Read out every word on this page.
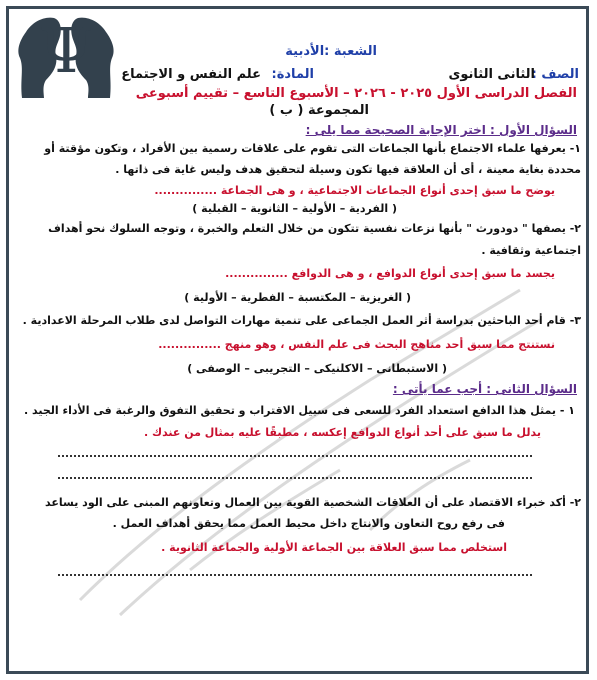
Ψ	الشعبة :الأدبية
الصف :
الثانى الثانوى
المادة:
علم النفس و الاجتماع
الفصل الدراسى الأول ٢٠٢٥ - ٢٠٢٦ – الأسبوع التاسع – تقييم أسبوعى
المجموعة ( ب )
السؤال الأول : اختر الإجابة الصحيحة مما يلى :
١- يعرفها علماء الاجتماع بأنها الجماعات التى تقوم على علاقات رسمية بين الأفراد ، وتكون مؤقتة أو
محددة بغاية معينة ، أى أن العلاقة فيها تكون وسيلة لتحقيق هدف وليس غاية فى ذاتها .
يوضح ما سبق إحدى أنواع الجماعات الاجتماعية ، و هى الجماعة ...............
( الفردية – الأولية – الثانوية – القبلية )
٢- يصفها " دودورث " بأنها نزعات نفسية تتكون من خلال التعلم والخبرة ، وتوجه السلوك نحو أهداف
اجتماعية وثقافية .
يجسد ما سبق إحدى أنواع الدوافع ، و هى الدوافع ...............
( الغريزية – المكتسبة – الفطرية – الأولية )
٣- قام أحد الباحثين بدراسة أثر العمل الجماعى على تنمية مهارات التواصل لدى طلاب المرحلة الاعدادية .
نستنتج مما سبق أحد مناهج البحث فى علم النفس ، وهو منهج ...............
( الاستبطانى – الاكلنيكى – التجريبى – الوصفى )
السؤال الثانى : أجب عما يأتى :
١ - يمثل هذا الدافع استعداد الفرد للسعى فى سبيل الاقتراب و تحقيق التفوق والرغبة فى الأداء الجيد .
يدلل ما سبق على أحد أنواع الدوافع إعكسه ، مطبقًا عليه بمثال من عندك .
٢- أكد خبراء الاقتصاد على أن العلاقات الشخصية القوية بين العمال وتعاونهم المبنى على الود يساعد
فى رفع روح التعاون والانتاج داخل محيط العمل مما يحقق أهداف العمل .
استخلص مما سبق العلاقة بين الجماعة الأولية والجماعة الثانوية .
